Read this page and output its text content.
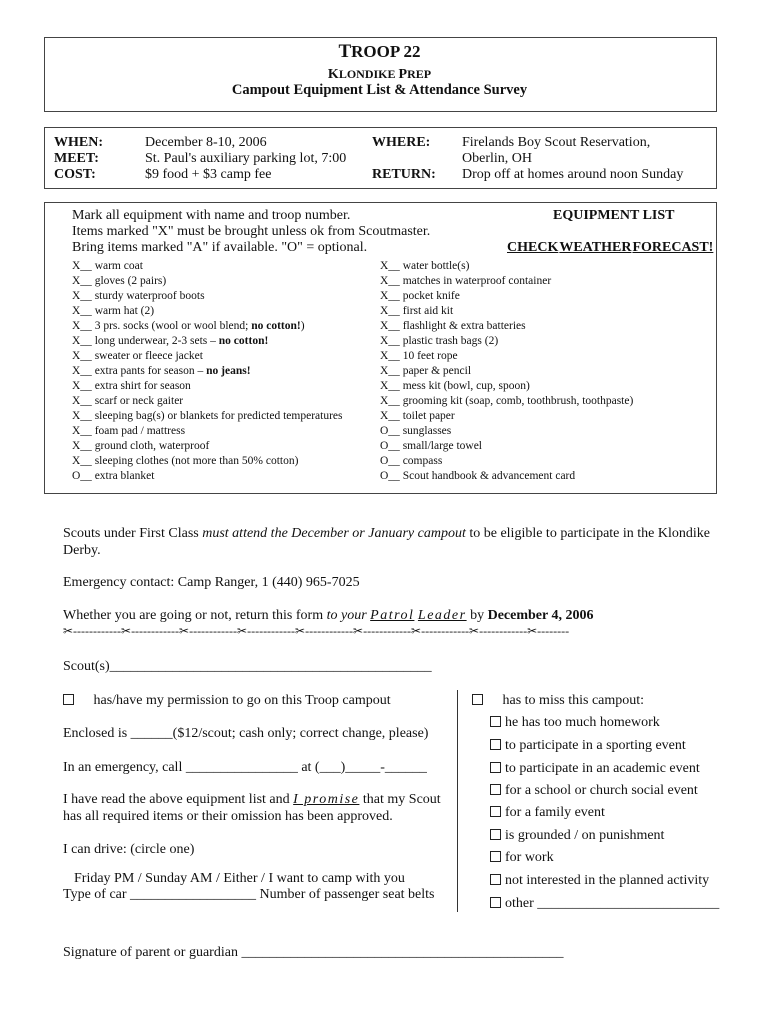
TROOP 22
KLONDIKE PREP
Campout Equipment List & Attendance Survey
WHEN:	December 8-10, 2006
MEET:	St. Paul's auxiliary parking lot, 7:00
COST:	$9 food + $3 camp fee
WHERE: Firelands Boy Scout Reservation,
Oberlin, OH
RETURN: Drop off at homes around noon Sunday
Mark all equipment with name and troop number.
Items marked "X" must be brought unless ok from Scoutmaster.
Bring items marked "A" if available. "O" = optional.
EQUIPMENT LIST
CHECKWEATHERFORECAST!
X__ warm coat
X__ gloves (2 pairs)
X__ sturdy waterproof boots
X__ warm hat (2)
X__ 3 prs. socks (wool or wool blend; no cotton!)
X__ long underwear, 2-3 sets – no cotton!
X__ sweater or fleece jacket
X__ extra pants for season – no jeans!
X__ extra shirt for season
X__ scarf or neck gaiter
X__ sleeping bag(s) or blankets for predicted temperatures
X__ foam pad / mattress
X__ ground cloth, waterproof
X__ sleeping clothes (not more than 50% cotton)
O__ extra blanket
X__ water bottle(s)
X__ matches in waterproof container
X__ pocket knife
X__ first aid kit
X__ flashlight & extra batteries
X__ plastic trash bags (2)
X__ 10 feet rope
X__ paper & pencil
X__ mess kit (bowl, cup, spoon)
X__ grooming kit (soap, comb, toothbrush, toothpaste)
X__ toilet paper
O__ sunglasses
O__ small/large towel
O__ compass
O__ Scout handbook & advancement card
Scouts under First Class must attend the December or January campout to be eligible to participate in the Klondike
Derby.
Emergency contact: Camp Ranger, 1 (440) 965-7025
Whether you are going or not, return this form to your Patrol Leader by December 4, 2006
✂------------✂------------✂------------✂------------✂------------✂------------✂------------✂------------✂--------
Scout(s)______________________________________________
has/have my permission to go on this Troop campout
Enclosed is ______($12/scout; cash only; correct change, please)
In an emergency, call ________________ at (___)_____-______
I have read the above equipment list and I promise that my Scout
has all required items or their omission has been approved.
I can drive: (circle one)
Friday PM / Sunday AM / Either / I want to camp with you
Type of car __________________ Number of passenger seat belts
has to miss this campout:
he has too much homework
to participate in a sporting event
to participate in an academic event
for a school or church social event
for a family event
is grounded / on punishment
for work
not interested in the planned activity
other __________________________
Signature of parent or guardian ______________________________________________
